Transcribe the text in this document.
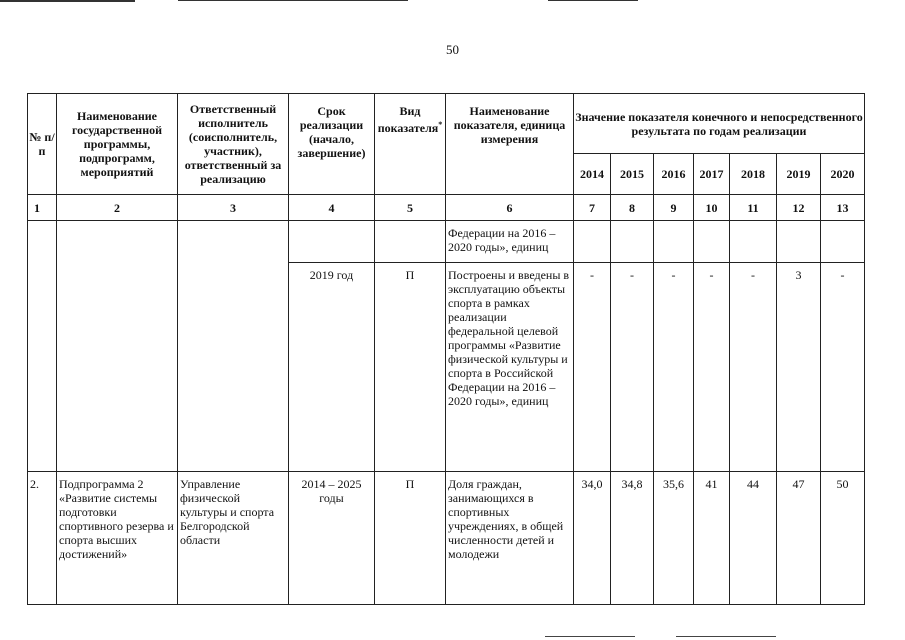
50
№ п/п	Наименование государственной программы, подпрограмм, мероприятий	Ответственный исполнитель (соисполнитель, участник), ответственный за реализацию	Срок реализации (начало, завершение)	Вид показателя*	Наименование показателя, единица измерения	Значение показателя конечного и непосредственного результата по годам реализации						
						2014	2015	2016	2017	2018	2019	2020
1	2	3	4	5	6	7	8	9	10	11	12	13
					Федерации на 2016 – 2020 годы», единиц							
			2019 год	П	Построены и введены в эксплуатацию объекты спорта в рамках реализации федеральной целевой программы «Развитие физической культуры и спорта в Российской Федерации на 2016 – 2020 годы», единиц	-	-	-	-	-	3	-
2.	Подпрограмма 2 «Развитие системы подготовки спортивного резерва и спорта высших достижений»	Управление физической культуры и спорта Белгородской области	2014 – 2025 годы	П	Доля граждан, занимающихся в спортивных учреждениях, в общей численности детей и молодежи	34,0	34,8	35,6	41	44	47	50
